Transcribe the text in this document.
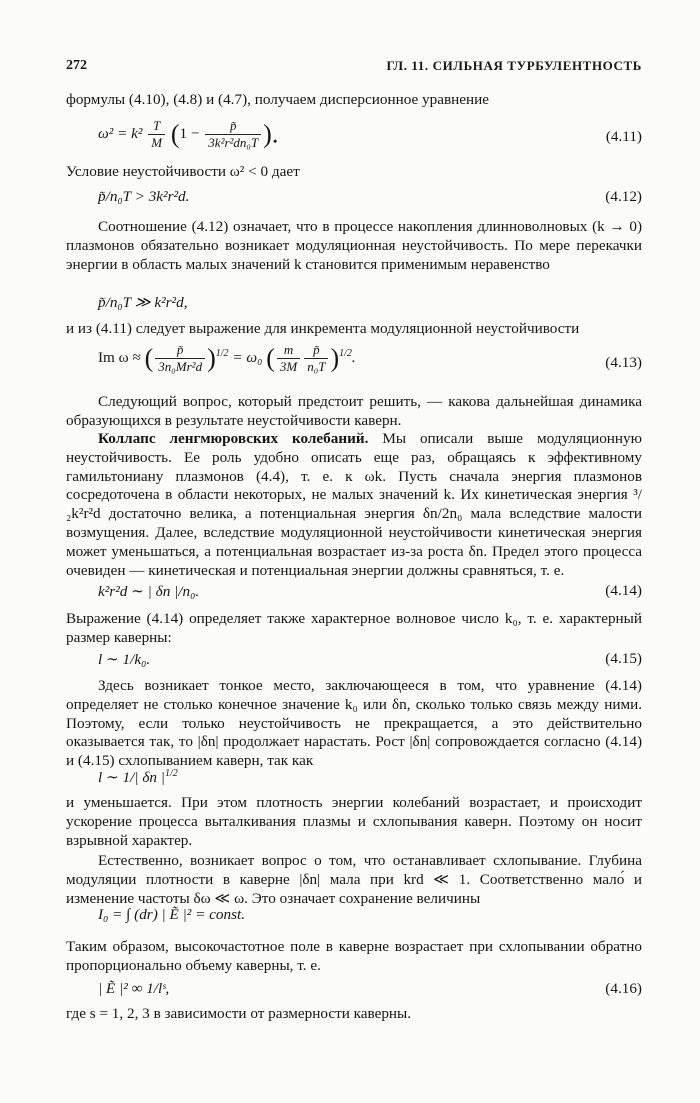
272	ГЛ. 11. СИЛЬНАЯ ТУРБУЛЕНТНОСТЬ

формулы (4.10), (4.8) и (4.7), получаем дисперсионное уравнение

$\omega^2 = k^2 \frac{T}{M} (1 - \frac{p̃}{\text{3k²r²dn₀T}}$ ).	(4.11)

Условие неустойчивости ω² < 0 дает

p̃/n₀T > 3k²r²d.	(4.12)

Соотношение (4.12) означает, что в процессе накопления длинноволновых (k → 0) плазмонов обязательно возникает модуляционная неустойчивость. По мере перекачки энергии в область малых значений k становится применимым неравенство

p̃/n₀T ≫ k²r²d,

и из (4.11) следует выражение для инкремента модуляционной неустойчивости

Im ω ≈ ( $\frac{p̃}{\text{3n₀Mr²d}} )^{1/2} = \omega_0$ ( $\frac{m}{3M} \frac{p̃}{\text{n₀T}} )^{1/2}$.	(4.13)

Следующий вопрос, который предстоит решить, — какова дальнейшая динамика образующихся в результате неустойчивости каверн.

Коллапс ленгмюровских колебаний. Мы описали выше модуляционную неустойчивость. Ее роль удобно описать еще раз, обращаясь к эффективному гамильтониану плазмонов (4.4), т. е. к ωk. Пусть сначала энергия плазмонов сосредоточена в области некоторых, не малых значений k. Их кинетическая энергия ³/₂k²r²d достаточно велика, а потенциальная энергия δn/2n₀ мала вследствие малости возмущения. Далее, вследствие модуляционной неустойчивости кинетическая энергия может уменьшаться, а потенциальная возрастает из-за роста δn. Предел этого процесса очевиден — кинетическая и потенциальная энергии должны сравняться, т. е.

k²r²d ∼ | δn |/n₀.	(4.14)

Выражение (4.14) определяет также характерное волновое число k₀, т. е. характерный размер каверны:

l ∼ 1/k₀.	(4.15)

Здесь возникает тонкое место, заключающееся в том, что уравнение (4.14) определяет не столько конечное значение k₀ или δn, сколько только связь между ними. Поэтому, если только неустойчивость не прекращается, а это действительно оказывается так, то |δn| продолжает нарастать. Рост |δn| сопровождается согласно (4.14) и (4.15) схлопыванием каверн, так как

l ∼ 1/| δn $|^{1/2}$

и уменьшается. При этом плотность энергии колебаний возрастает, и происходит ускорение процесса выталкивания плазмы и схлопывания каверн. Поэтому он носит взрывной характер.

Естественно, возникает вопрос о том, что останавливает схлопывание. Глубина модуляции плотности в каверне |δn| мала при krd ≪ 1. Соответственно мало́ и изменение частоты δω ≪ ω. Это означает сохранение величины

I₀ = ∫ (dr) | Ẽ |² = const.

Таким образом, высокочастотное поле в каверне возрастает при схлопывании обратно пропорционально объему каверны, т. е.

| Ẽ |² ∞ 1/lˢ,	(4.16)

где s = 1, 2, 3 в зависимости от размерности каверны.
